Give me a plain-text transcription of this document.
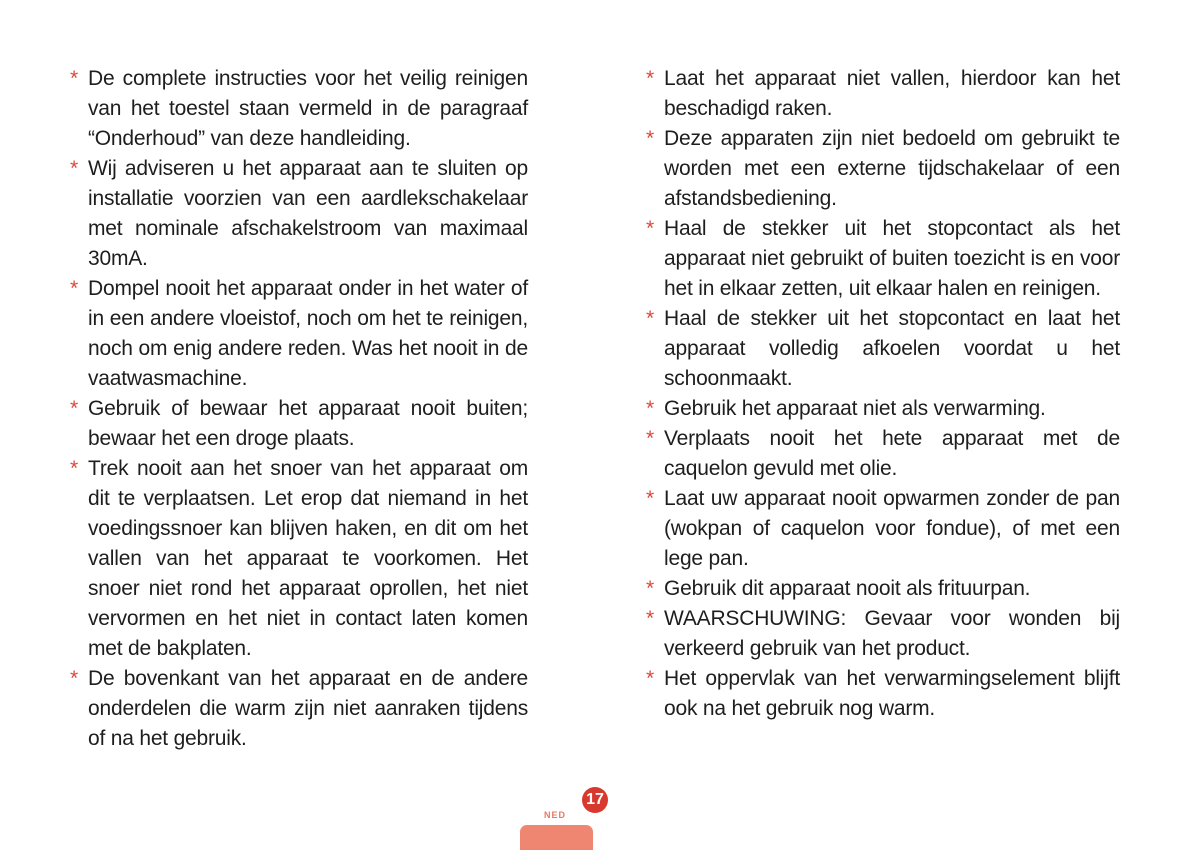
* De complete instructies voor het veilig reinigen van het toestel staan vermeld in de paragraaf “Onderhoud” van deze handleiding.
* Wij adviseren u het apparaat aan te sluiten op installatie voorzien van een aardlekschakelaar met nominale afschakelstroom van maximaal 30mA.
* Dompel nooit het apparaat onder in het water of in een andere vloeistof, noch om het te reinigen, noch om enig andere reden. Was het nooit in de vaatwasmachine.
* Gebruik of bewaar het apparaat nooit buiten; bewaar het een droge plaats.
* Trek nooit aan het snoer van het apparaat om dit te verplaatsen. Let erop dat niemand in het voedingssnoer kan blijven haken, en dit om het vallen van het apparaat te voorkomen. Het snoer niet rond het apparaat oprollen, het niet vervormen en het niet in contact laten komen met de bakplaten.
* De bovenkant van het apparaat en de andere onderdelen die warm zijn niet aanraken tijdens of na het gebruik.
* Laat het apparaat niet vallen, hierdoor kan het beschadigd raken.
* Deze apparaten zijn niet bedoeld om gebruikt te worden met een externe tijdschakelaar of een afstandsbediening.
* Haal de stekker uit het stopcontact als het apparaat niet gebruikt of buiten toezicht is en voor het in elkaar zetten, uit elkaar halen en reinigen.
* Haal de stekker uit het stopcontact en laat het apparaat volledig afkoelen voordat u het schoonmaakt.
* Gebruik het apparaat niet als verwarming.
* Verplaats nooit het hete apparaat met de caquelon gevuld met olie.
* Laat uw apparaat nooit opwarmen zonder de pan (wokpan of caquelon voor fondue), of met een lege pan.
* Gebruik dit apparaat nooit als frituurpan.
* WAARSCHUWING: Gevaar voor wonden bij verkeerd gebruik van het product.
* Het oppervlak van het verwarmingselement blijft ook na het gebruik nog warm.
NED
17
